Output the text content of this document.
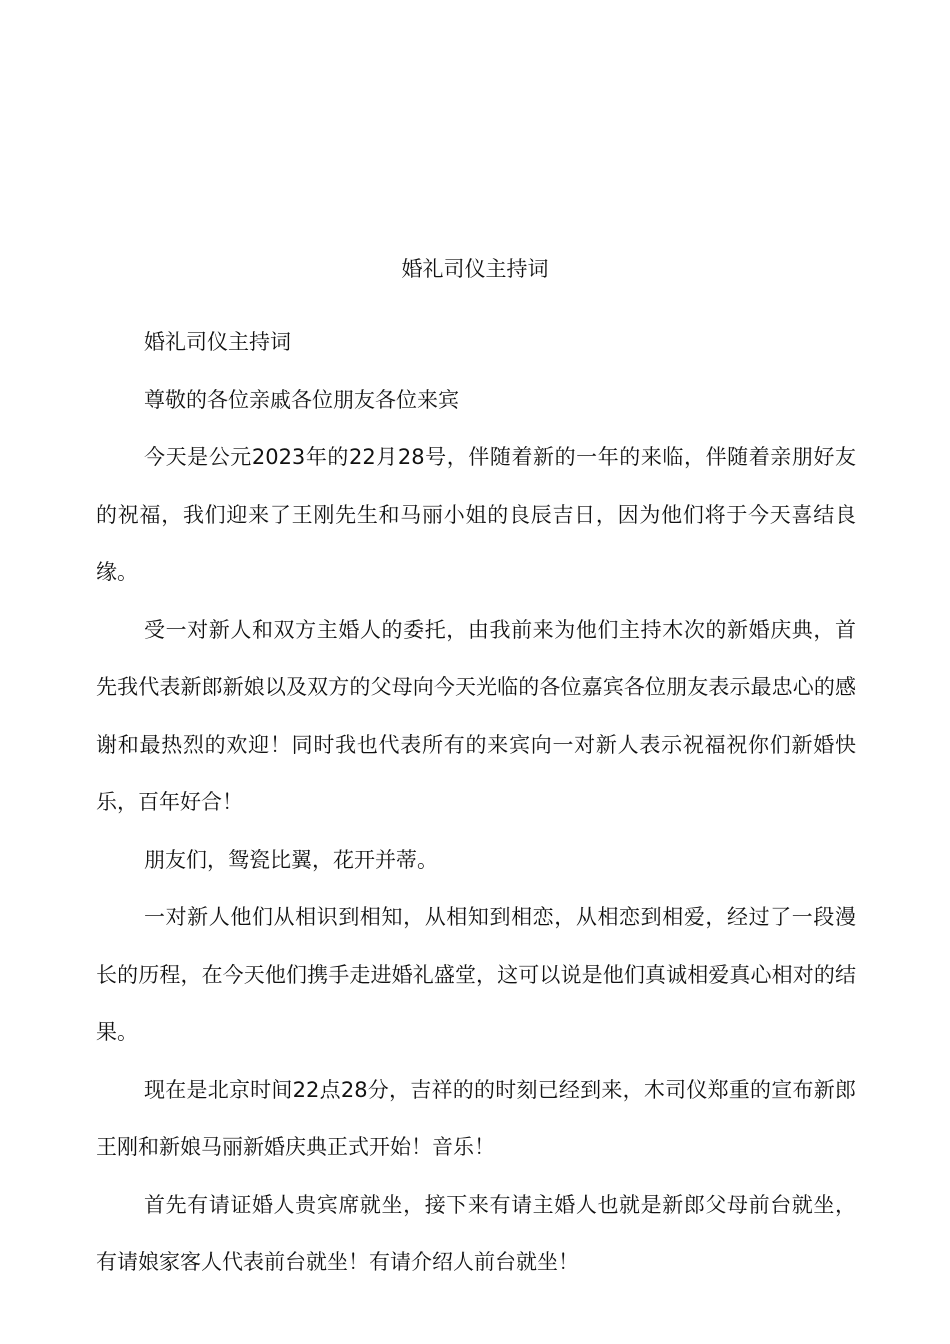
婚礼司仪主持词

婚礼司仪主持词

尊敬的各位亲戚各位朋友各位来宾

今天是公元2023年的22月28号，伴随着新的一年的来临，伴随着亲朋好友的祝福，我们迎来了王刚先生和马丽小姐的良辰吉日，因为他们将于今天喜结良缘。

受一对新人和双方主婚人的委托，由我前来为他们主持木次的新婚庆典，首先我代表新郎新娘以及双方的父母向今天光临的各位嘉宾各位朋友表示最忠心的感谢和最热烈的欢迎！同时我也代表所有的来宾向一对新人表示祝福祝你们新婚快乐，百年好合！

朋友们，鸳瓷比翼，花开并蒂。

一对新人他们从相识到相知，从相知到相恋，从相恋到相爱，经过了一段漫长的历程，在今天他们携手走进婚礼盛堂，这可以说是他们真诚相爱真心相对的结果。

现在是北京时间22点28分，吉祥的的时刻已经到来，木司仪郑重的宣布新郎王刚和新娘马丽新婚庆典正式开始！音乐！

首先有请证婚人贵宾席就坐，接下来有请主婚人也就是新郎父母前台就坐，有请娘家客人代表前台就坐！有请介绍人前台就坐！
